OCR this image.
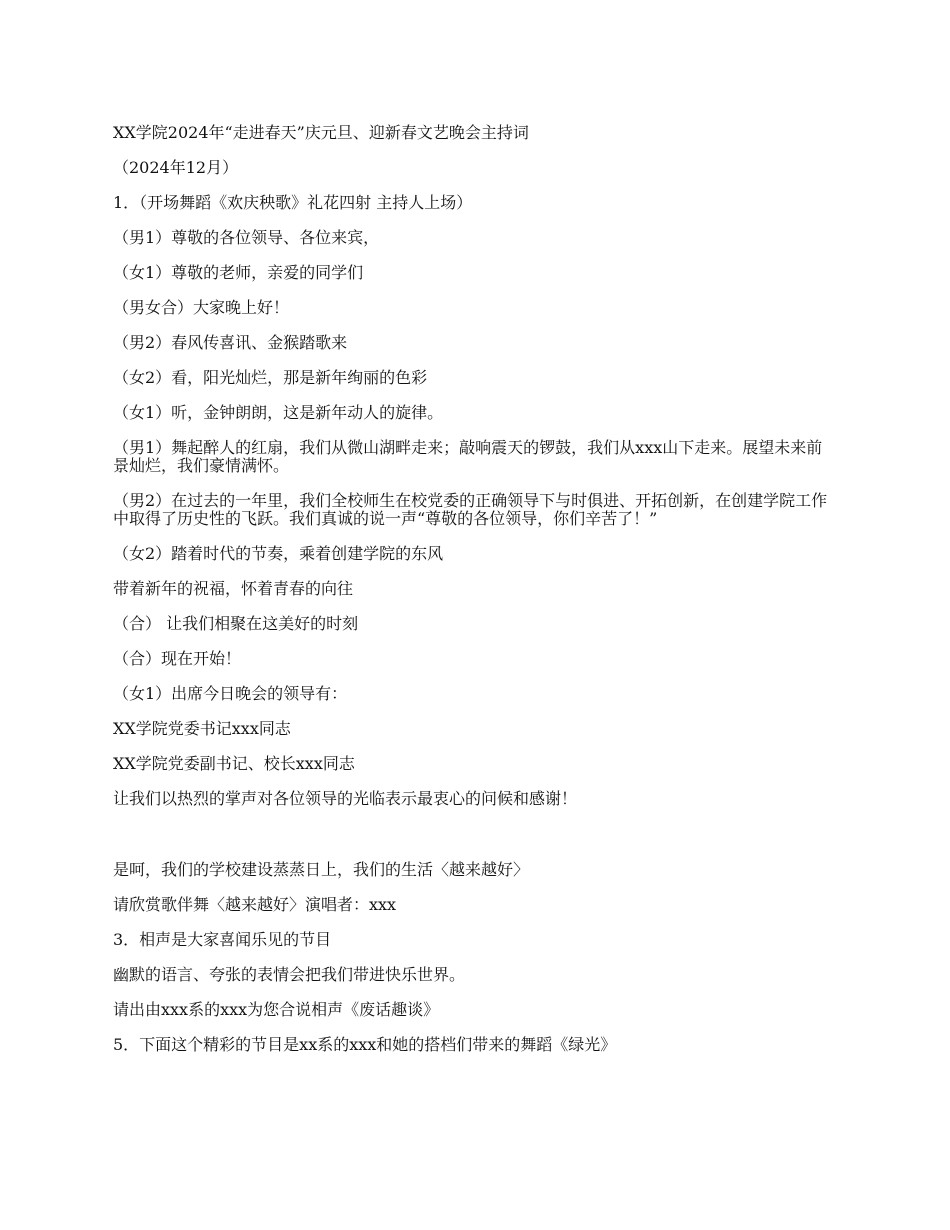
XX学院2024年“走进春天”庆元旦、迎新春文艺晚会主持词

（2024年12月）

1．（开场舞蹈《欢庆秧歌》礼花四射 主持人上场）

（男1）尊敬的各位领导、各位来宾，

（女1）尊敬的老师，亲爱的同学们

（男女合）大家晚上好！

（男2）春风传喜讯、金猴踏歌来

（女2）看，阳光灿烂，那是新年绚丽的色彩

（女1）听，金钟朗朗，这是新年动人的旋律。

（男1）舞起醉人的红扇，我们从微山湖畔走来；敲响震天的锣鼓，我们从xxx山下走来。展望未来前景灿烂，我们豪情满怀。

（男2）在过去的一年里，我们全校师生在校党委的正确领导下与时俱进、开拓创新，在创建学院工作中取得了历史性的飞跃。我们真诚的说一声“尊敬的各位领导，你们辛苦了！”

（女2）踏着时代的节奏，乘着创建学院的东风

带着新年的祝福，怀着青春的向往

（合） 让我们相聚在这美好的时刻

（合）现在开始！

（女1）出席今日晚会的领导有：

XX学院党委书记xxx同志

XX学院党委副书记、校长xxx同志

让我们以热烈的掌声对各位领导的光临表示最衷心的问候和感谢！

是呵，我们的学校建设蒸蒸日上，我们的生活〈越来越好〉

请欣赏歌伴舞〈越来越好〉演唱者：xxx

3．相声是大家喜闻乐见的节目

幽默的语言、夸张的表情会把我们带进快乐世界。

请出由xxx系的xxx为您合说相声《废话趣谈》

5．下面这个精彩的节目是xx系的xxx和她的搭档们带来的舞蹈《绿光》
